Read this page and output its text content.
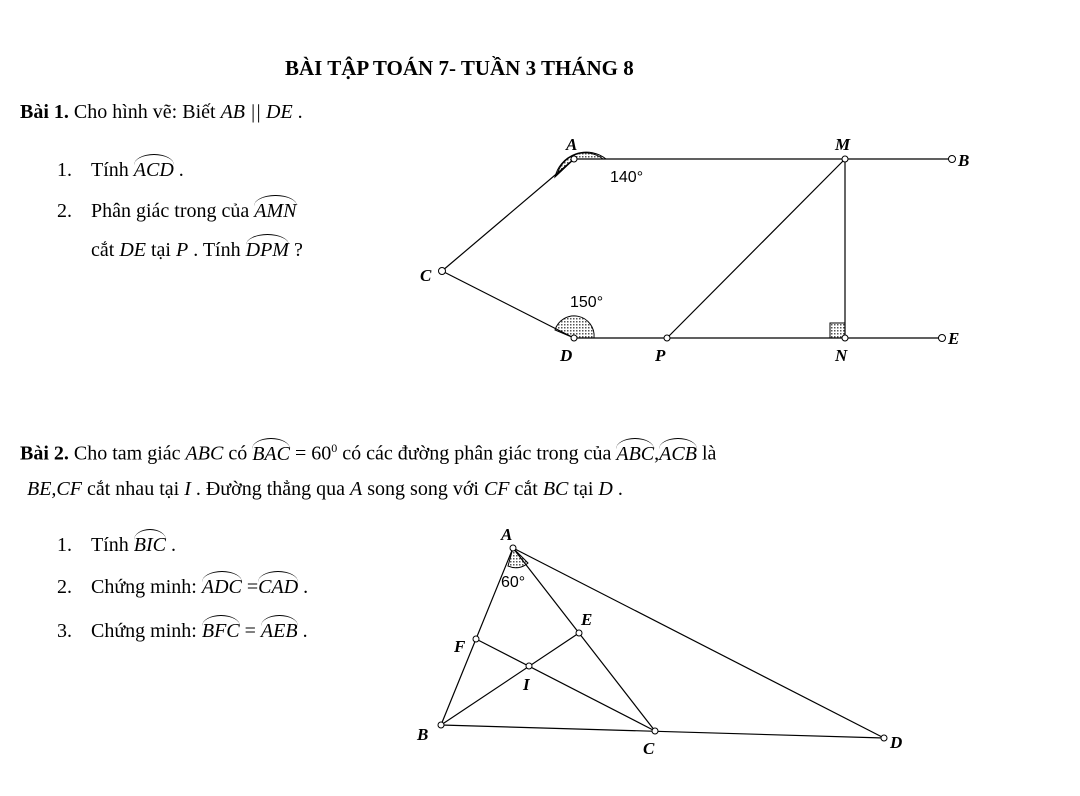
BÀI TẬP TOÁN 7- TUẦN 3 THÁNG 8
Bài 1. Cho hình vẽ: Biết AB || DE .
1. Tính ACD .
2. Phân giác trong của AMN
cắt DE tại P . Tính DPM ?
A	M
B
C
D	P	N
E
140°
150°
Bài 2. Cho tam giác ABC có BAC = $60^0$ có các đường phân giác trong của ABC,ACB là
BE,CF cắt nhau tại I . Đường thẳng qua A song song với CF cắt BC tại D .
1. Tính BIC .
2. Chứng minh: ADC =CAD .
3. Chứng minh: BFC = AEB .
A
B
C	D
E
F
I
60°
